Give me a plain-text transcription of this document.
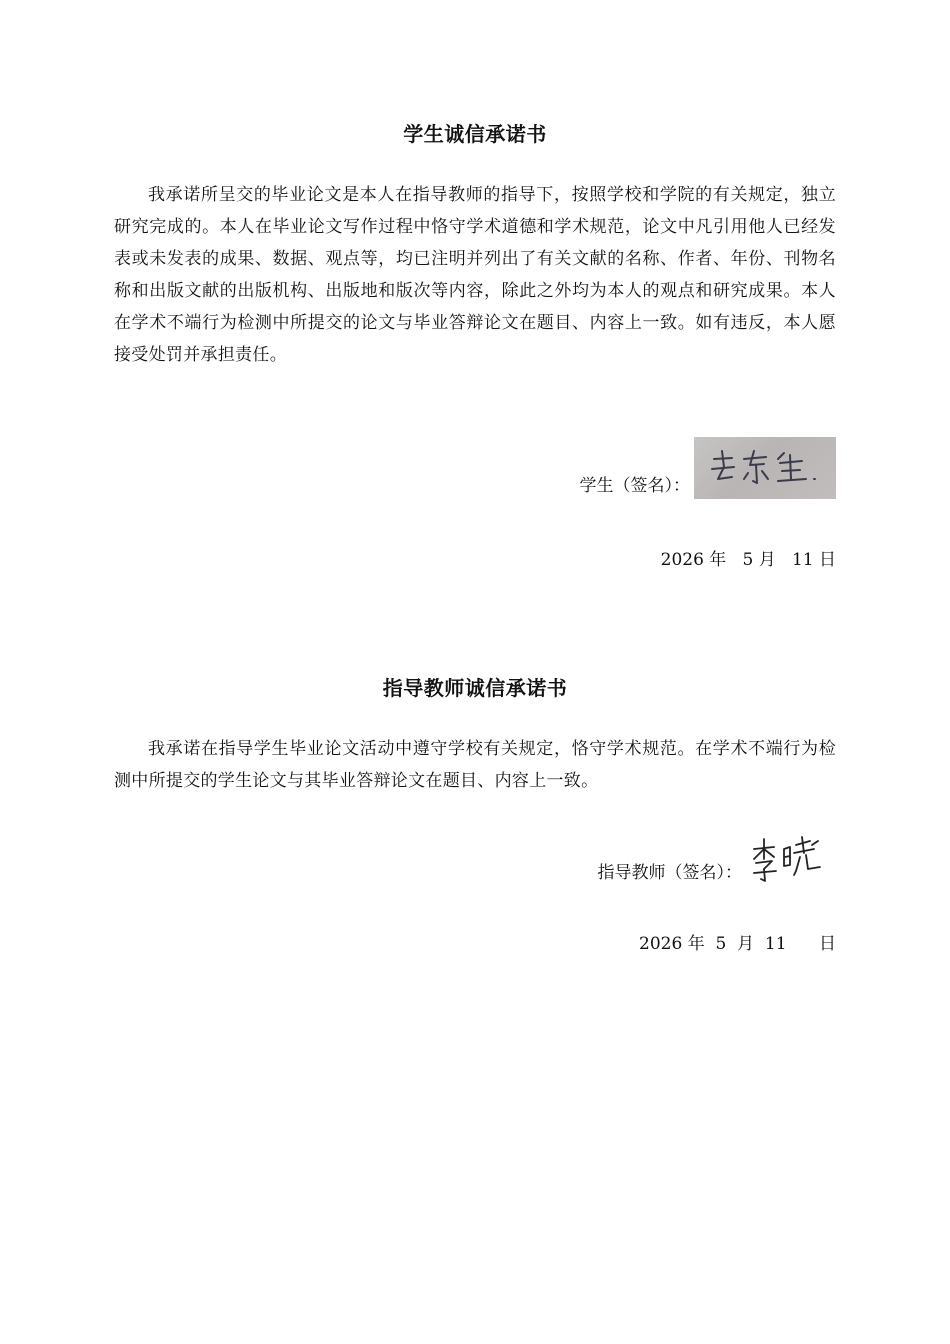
学生诚信承诺书
我承诺所呈交的毕业论文是本人在指导教师的指导下，按照学校和学院的有关规定，独立研究完成的。本人在毕业论文写作过程中恪守学术道德和学术规范，论文中凡引用他人已经发表或未发表的成果、数据、观点等，均已注明并列出了有关文献的名称、作者、年份、刊物名称和出版文献的出版机构、出版地和版次等内容，除此之外均为本人的观点和研究成果。本人在学术不端行为检测中所提交的论文与毕业答辩论文在题目、内容上一致。如有违反，本人愿接受处罚并承担责任。
学生（签名）：
2026 年   5 月   11 日
指导教师诚信承诺书
我承诺在指导学生毕业论文活动中遵守学校有关规定，恪守学术规范。在学术不端行为检测中所提交的学生论文与其毕业答辩论文在题目、内容上一致。
指导教师（签名）：
2026 年  5  月  11      日
